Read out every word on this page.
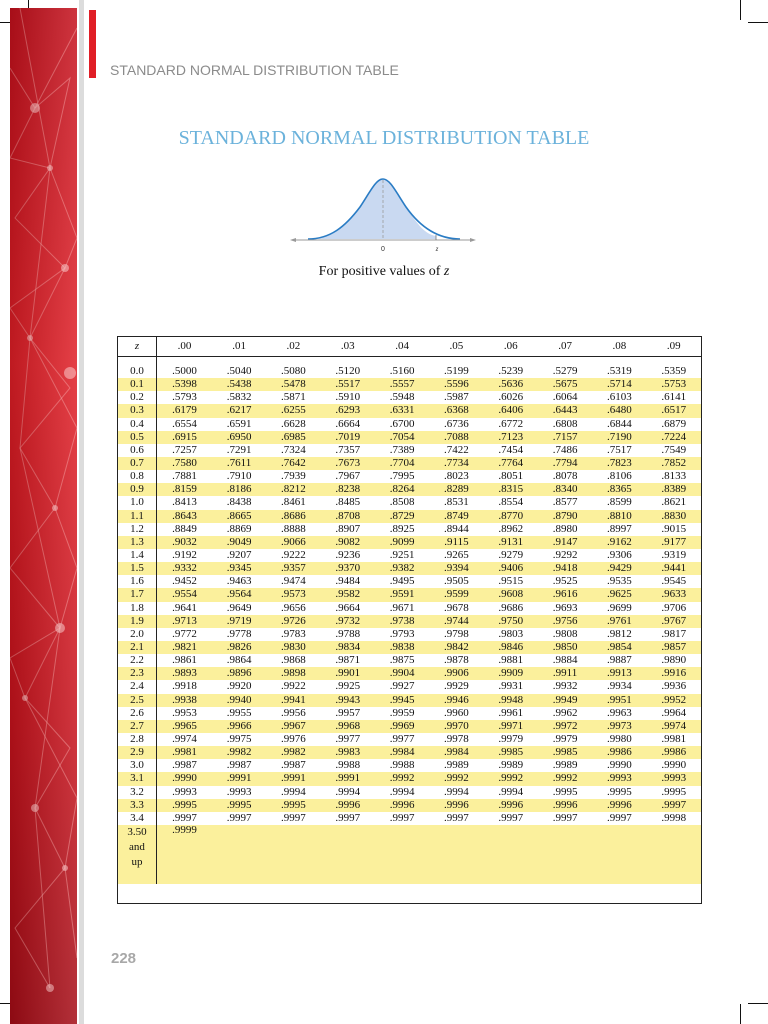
STANDARD NORMAL DISTRIBUTION TABLE
STANDARD NORMAL DISTRIBUTION TABLE
0	z
For positive values of z
z	.00	.01	.02	.03	.04	.05	.06	.07	.08	.09

0.0	.5000	.5040	.5080	.5120	.5160	.5199	.5239	.5279	.5319	.5359
0.1	.5398	.5438	.5478	.5517	.5557	.5596	.5636	.5675	.5714	.5753
0.2	.5793	.5832	.5871	.5910	.5948	.5987	.6026	.6064	.6103	.6141
0.3	.6179	.6217	.6255	.6293	.6331	.6368	.6406	.6443	.6480	.6517
0.4	.6554	.6591	.6628	.6664	.6700	.6736	.6772	.6808	.6844	.6879
0.5	.6915	.6950	.6985	.7019	.7054	.7088	.7123	.7157	.7190	.7224
0.6	.7257	.7291	.7324	.7357	.7389	.7422	.7454	.7486	.7517	.7549
0.7	.7580	.7611	.7642	.7673	.7704	.7734	.7764	.7794	.7823	.7852
0.8	.7881	.7910	.7939	.7967	.7995	.8023	.8051	.8078	.8106	.8133
0.9	.8159	.8186	.8212	.8238	.8264	.8289	.8315	.8340	.8365	.8389
1.0	.8413	.8438	.8461	.8485	.8508	.8531	.8554	.8577	.8599	.8621
1.1	.8643	.8665	.8686	.8708	.8729	.8749	.8770	.8790	.8810	.8830
1.2	.8849	.8869	.8888	.8907	.8925	.8944	.8962	.8980	.8997	.9015
1.3	.9032	.9049	.9066	.9082	.9099	.9115	.9131	.9147	.9162	.9177
1.4	.9192	.9207	.9222	.9236	.9251	.9265	.9279	.9292	.9306	.9319
1.5	.9332	.9345	.9357	.9370	.9382	.9394	.9406	.9418	.9429	.9441
1.6	.9452	.9463	.9474	.9484	.9495	.9505	.9515	.9525	.9535	.9545
1.7	.9554	.9564	.9573	.9582	.9591	.9599	.9608	.9616	.9625	.9633
1.8	.9641	.9649	.9656	.9664	.9671	.9678	.9686	.9693	.9699	.9706
1.9	.9713	.9719	.9726	.9732	.9738	.9744	.9750	.9756	.9761	.9767
2.0	.9772	.9778	.9783	.9788	.9793	.9798	.9803	.9808	.9812	.9817
2.1	.9821	.9826	.9830	.9834	.9838	.9842	.9846	.9850	.9854	.9857
2.2	.9861	.9864	.9868	.9871	.9875	.9878	.9881	.9884	.9887	.9890
2.3	.9893	.9896	.9898	.9901	.9904	.9906	.9909	.9911	.9913	.9916
2.4	.9918	.9920	.9922	.9925	.9927	.9929	.9931	.9932	.9934	.9936
2.5	.9938	.9940	.9941	.9943	.9945	.9946	.9948	.9949	.9951	.9952
2.6	.9953	.9955	.9956	.9957	.9959	.9960	.9961	.9962	.9963	.9964
2.7	.9965	.9966	.9967	.9968	.9969	.9970	.9971	.9972	.9973	.9974
2.8	.9974	.9975	.9976	.9977	.9977	.9978	.9979	.9979	.9980	.9981
2.9	.9981	.9982	.9982	.9983	.9984	.9984	.9985	.9985	.9986	.9986
3.0	.9987	.9987	.9987	.9988	.9988	.9989	.9989	.9989	.9990	.9990
3.1	.9990	.9991	.9991	.9991	.9992	.9992	.9992	.9992	.9993	.9993
3.2	.9993	.9993	.9994	.9994	.9994	.9994	.9994	.9995	.9995	.9995
3.3	.9995	.9995	.9995	.9996	.9996	.9996	.9996	.9996	.9996	.9997
3.4	.9997	.9997	.9997	.9997	.9997	.9997	.9997	.9997	.9997	.9998

3.50
and
up	.9999									

228
